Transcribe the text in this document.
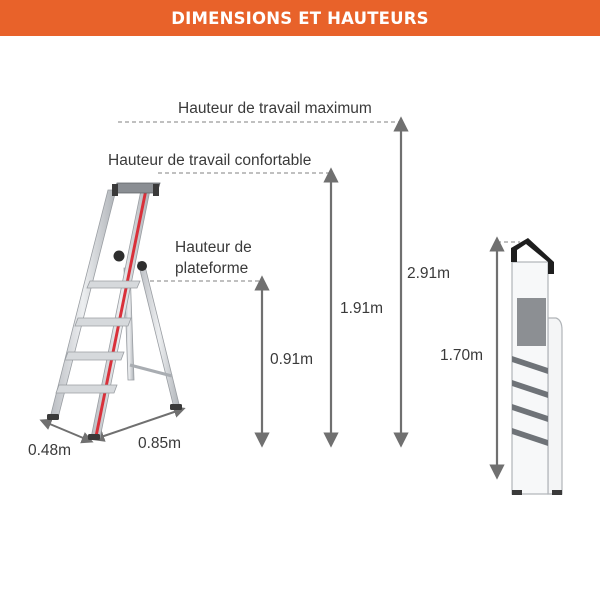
DIMENSIONS ET HAUTEURS
Hauteur de travail maximum
Hauteur de travail confortable
Hauteur de
plateforme	2.91m
1.91m
0.91m	1.70m
0.48m	0.85m
